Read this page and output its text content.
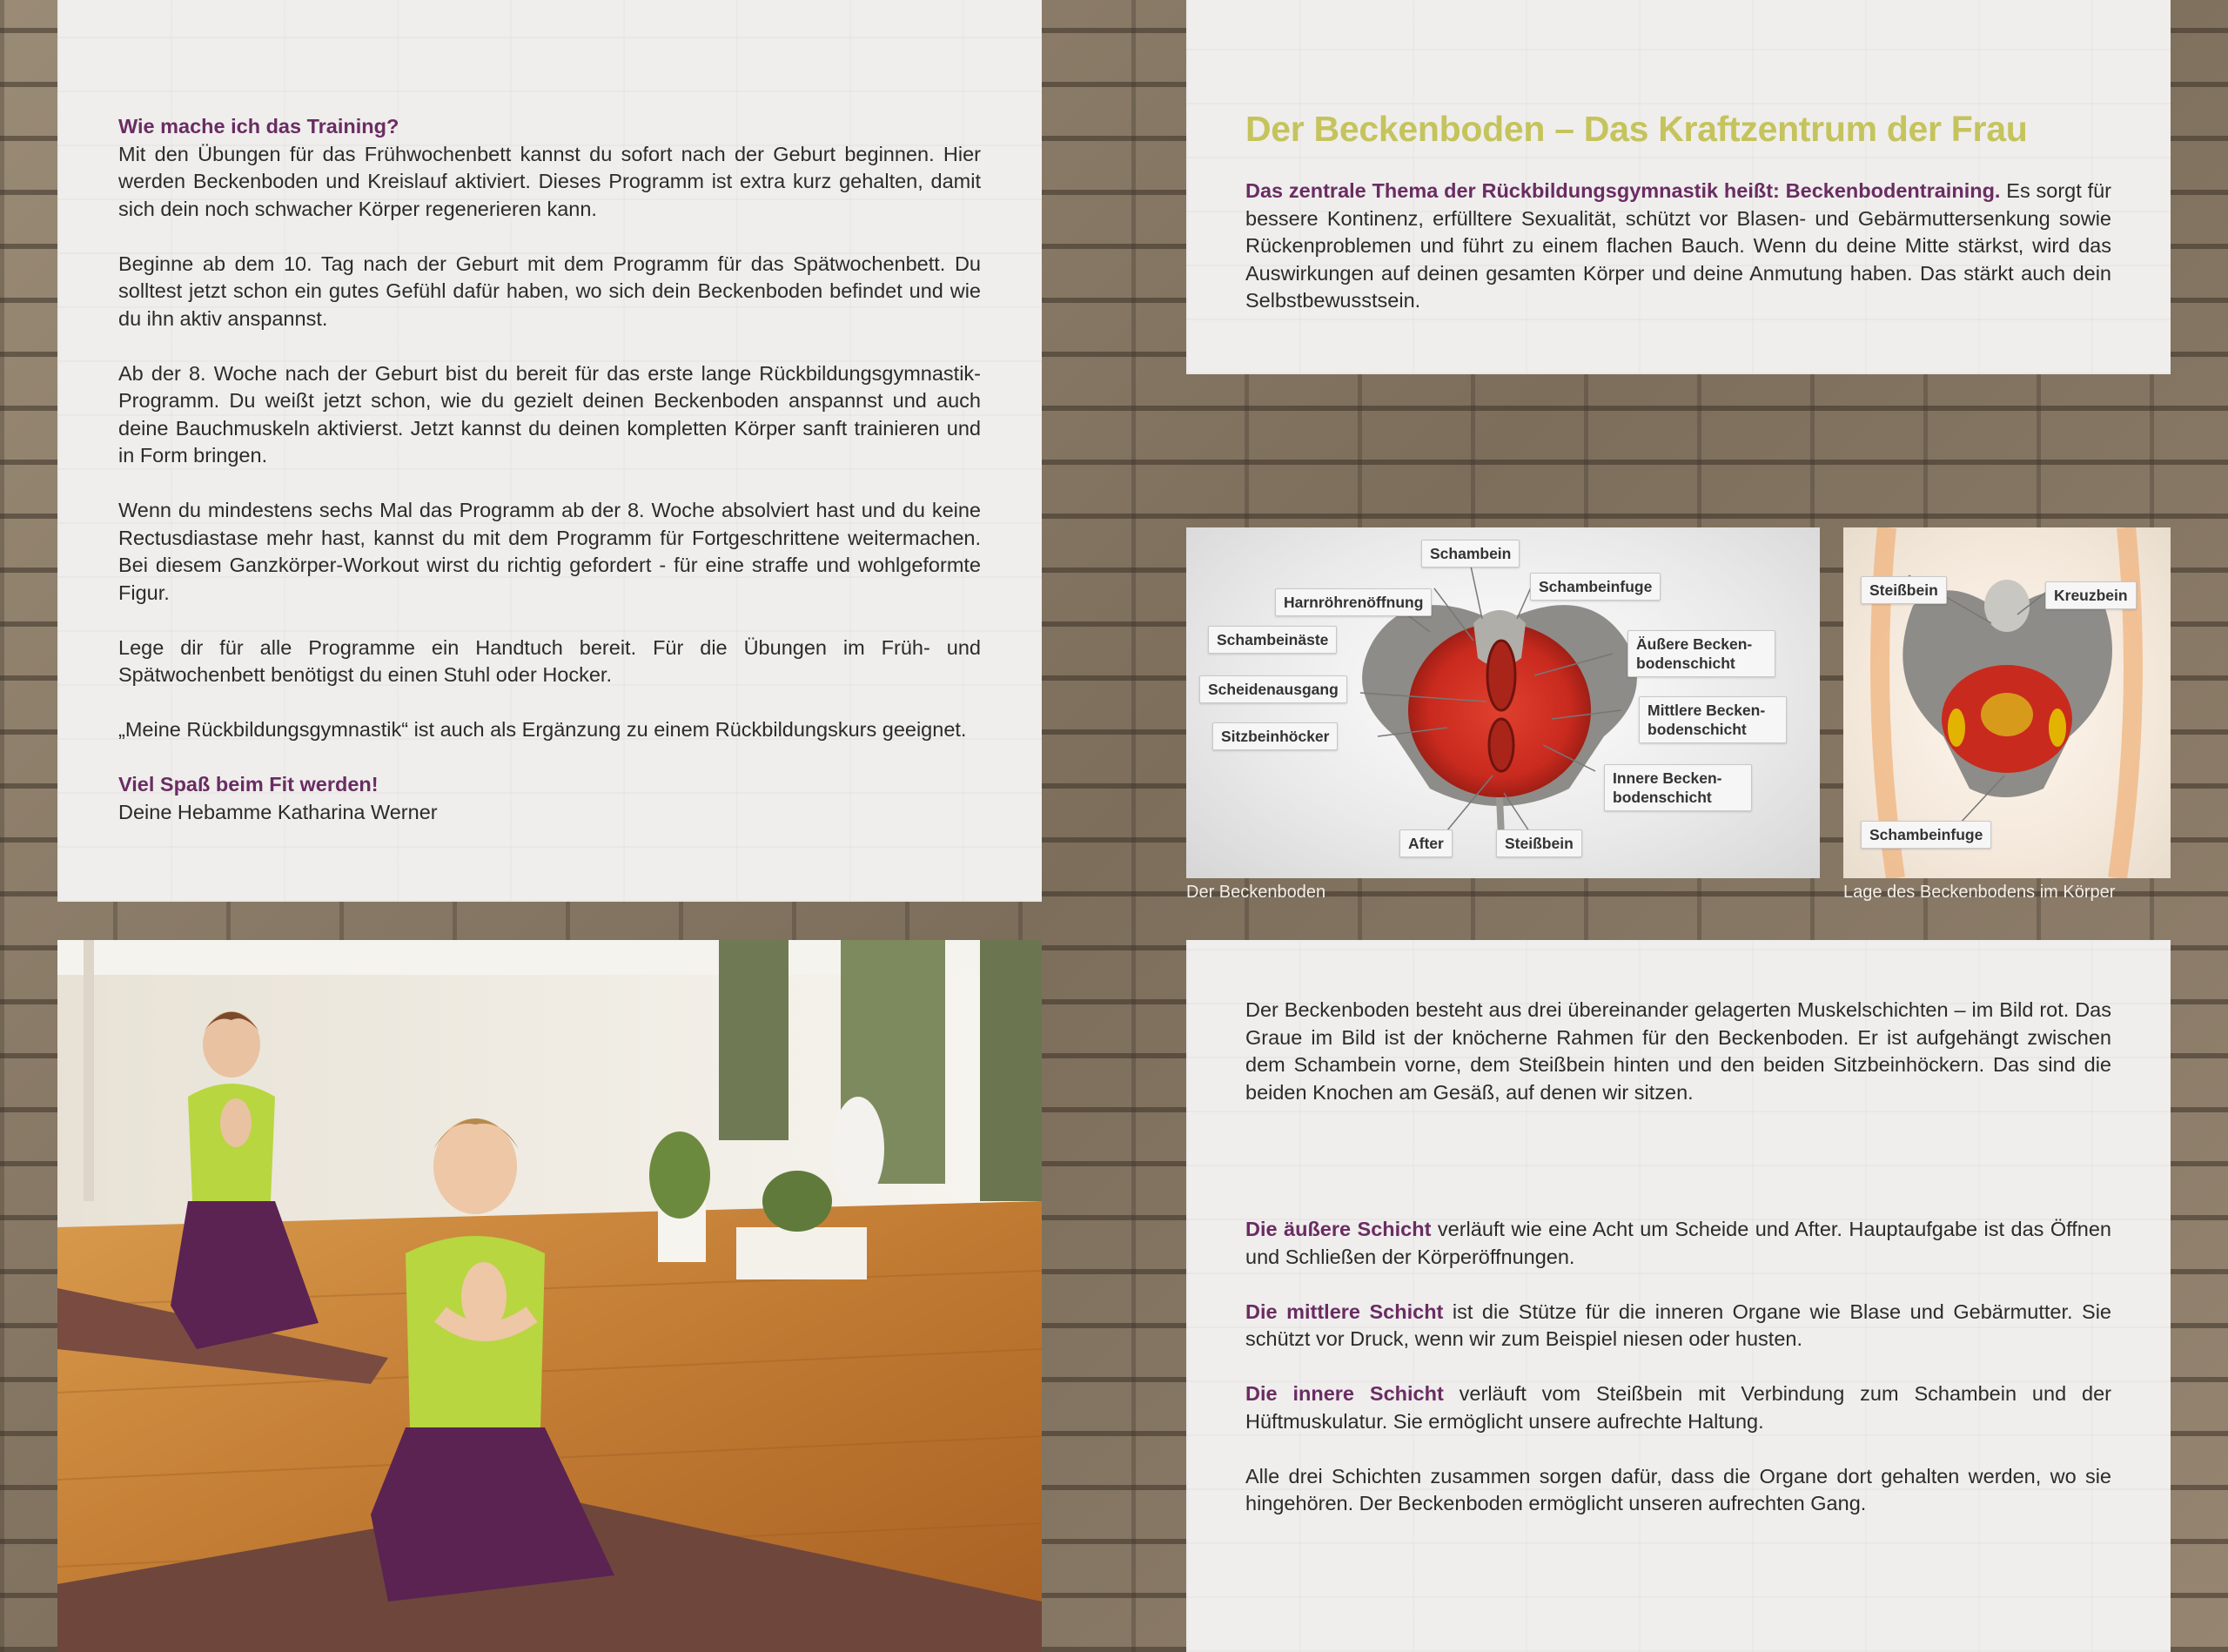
Wie mache ich das Training?

Mit den Übungen für das Frühwochenbett kannst du sofort nach der Geburt beginnen. Hier werden Beckenboden und Kreislauf aktiviert. Dieses Programm ist extra kurz gehalten, damit sich dein noch schwacher Körper regenerieren kann.

Beginne ab dem 10. Tag nach der Geburt mit dem Programm für das Spätwochenbett. Du solltest jetzt schon ein gutes Gefühl dafür haben, wo sich dein Beckenboden befindet und wie du ihn aktiv anspannst.

Ab der 8. Woche nach der Geburt bist du bereit für das erste lange Rückbildungsgymnastik-Programm. Du weißt jetzt schon, wie du gezielt deinen Beckenboden anspannst und auch deine Bauchmuskeln aktivierst. Jetzt kannst du deinen kompletten Körper sanft trainieren und in Form bringen.

Wenn du mindestens sechs Mal das Programm ab der 8. Woche absolviert hast und du keine Rectusdiastase mehr hast, kannst du mit dem Programm für Fortgeschrittene weitermachen. Bei diesem Ganzkörper-Workout wirst du richtig gefordert - für eine straffe und wohlgeformte Figur.

Lege dir für alle Programme ein Handtuch bereit. Für die Übungen im Früh- und Spätwochenbett benötigst du einen Stuhl oder Hocker.

„Meine Rückbildungsgymnastik“ ist auch als Ergänzung zu einem Rückbildungskurs geeignet.

Viel Spaß beim Fit werden!
Deine Hebamme Katharina Werner
Der Beckenboden – Das Kraftzentrum der Frau
Das zentrale Thema der Rückbildungsgymnastik heißt: Beckenbodentraining. Es sorgt für bessere Kontinenz, erfülltere Sexualität, schützt vor Blasen- und Gebärmuttersenkung sowie Rückenproblemen und führt zu einem flachen Bauch. Wenn du deine Mitte stärkst, wird das Auswirkungen auf deinen gesamten Körper und deine Anmutung haben. Das stärkt auch dein Selbstbewusstsein.
Schambein
Schambeinfuge
Harnröhrenöffnung
Schambeinäste	Äußere Becken-bodenschicht
Scheidenausgang
Mittlere Becken-bodenschicht
Sitzbeinhöcker
Innere Becken-bodenschicht
After	Steißbein
Der Beckenboden
Steißbein	Kreuzbein
Schambeinfuge
Lage des Beckenbodens im Körper

Der Beckenboden besteht aus drei übereinander gelagerten Muskelschichten – im Bild rot. Das Graue im Bild ist der knöcherne Rahmen für den Beckenboden. Er ist aufgehängt zwischen dem Schambein vorne, dem Steißbein hinten und den beiden Sitzbeinhöckern. Das sind die beiden Knochen am Gesäß, auf denen wir sitzen.

Die äußere Schicht verläuft wie eine Acht um Scheide und After. Hauptaufgabe ist das Öffnen und Schließen der Körperöffnungen.

Die mittlere Schicht ist die Stütze für die inneren Organe wie Blase und Gebärmutter. Sie schützt vor Druck, wenn wir zum Beispiel niesen oder husten.

Die innere Schicht verläuft vom Steißbein mit Verbindung zum Schambein und der Hüftmuskulatur. Sie ermöglicht unsere aufrechte Haltung.

Alle drei Schichten zusammen sorgen dafür, dass die Organe dort gehalten werden, wo sie hingehören. Der Beckenboden ermöglicht unseren aufrechten Gang.
